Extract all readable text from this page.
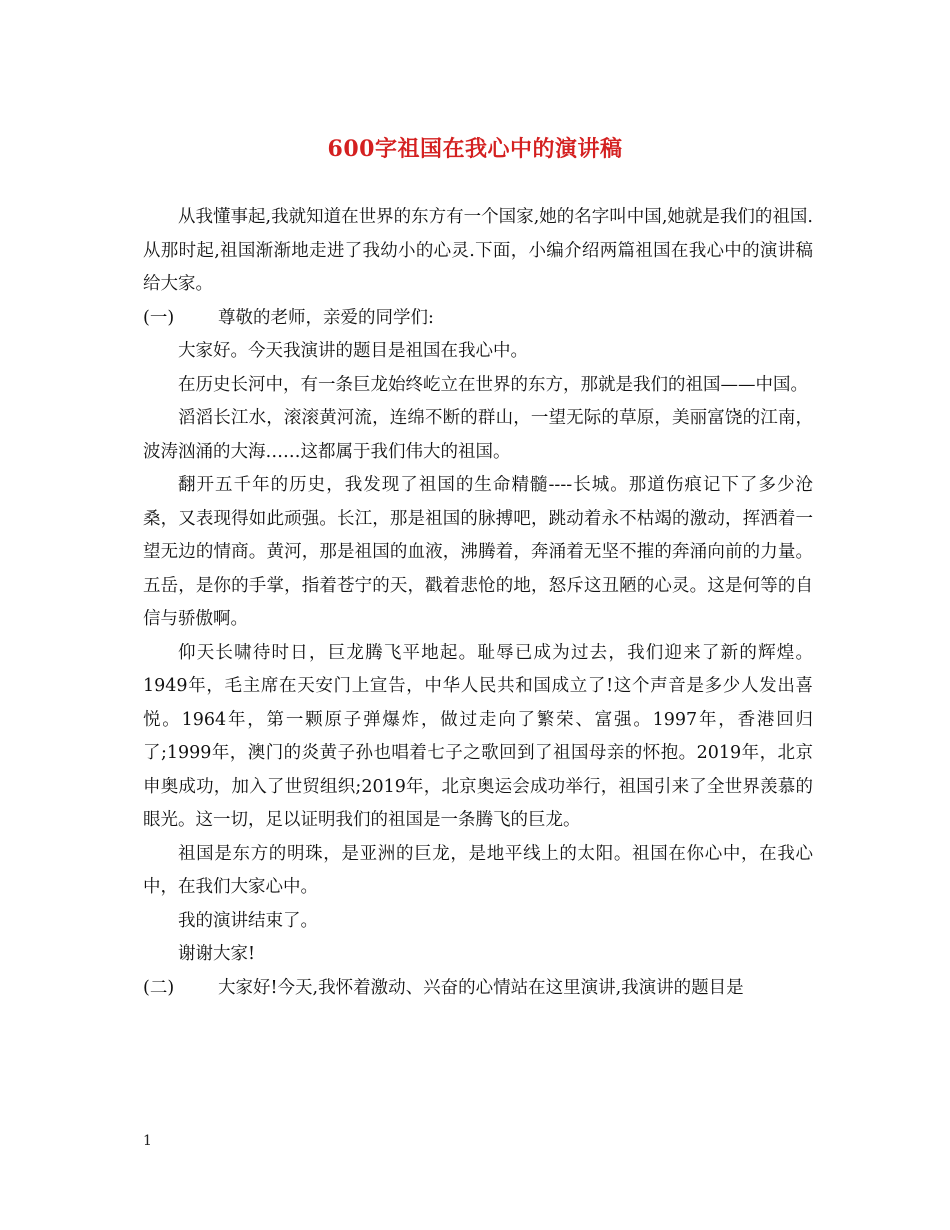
600字祖国在我心中的演讲稿

从我懂事起,我就知道在世界的东方有一个国家,她的名字叫中国,她就是我们的祖国.从那时起,祖国渐渐地走进了我幼小的心灵.下面，小编介绍两篇祖国在我心中的演讲稿给大家。

(一)	尊敬的老师，亲爱的同学们:

大家好。今天我演讲的题目是祖国在我心中。

在历史长河中，有一条巨龙始终屹立在世界的东方，那就是我们的祖国——中国。

滔滔长江水，滚滚黄河流，连绵不断的群山，一望无际的草原，美丽富饶的江南，波涛汹涌的大海……这都属于我们伟大的祖国。

翻开五千年的历史，我发现了祖国的生命精髓----长城。那道伤痕记下了多少沧桑，又表现得如此顽强。长江，那是祖国的脉搏吧，跳动着永不枯竭的激动，挥洒着一望无边的情商。黄河，那是祖国的血液，沸腾着，奔涌着无坚不摧的奔涌向前的力量。五岳，是你的手掌，指着苍宁的天，戳着悲怆的地，怒斥这丑陋的心灵。这是何等的自信与骄傲啊。

仰天长啸待时日，巨龙腾飞平地起。耻辱已成为过去，我们迎来了新的辉煌。1949年，毛主席在天安门上宣告，中华人民共和国成立了!这个声音是多少人发出喜悦。1964年，第一颗原子弹爆炸，做过走向了繁荣、富强。1997年，香港回归了;1999年，澳门的炎黄子孙也唱着七子之歌回到了祖国母亲的怀抱。2019年，北京申奥成功，加入了世贸组织;2019年，北京奥运会成功举行，祖国引来了全世界羡慕的眼光。这一切，足以证明我们的祖国是一条腾飞的巨龙。

祖国是东方的明珠，是亚洲的巨龙，是地平线上的太阳。祖国在你心中，在我心中，在我们大家心中。

我的演讲结束了。

谢谢大家!

(二)	大家好!今天,我怀着激动、兴奋的心情站在这里演讲,我演讲的题目是
1
